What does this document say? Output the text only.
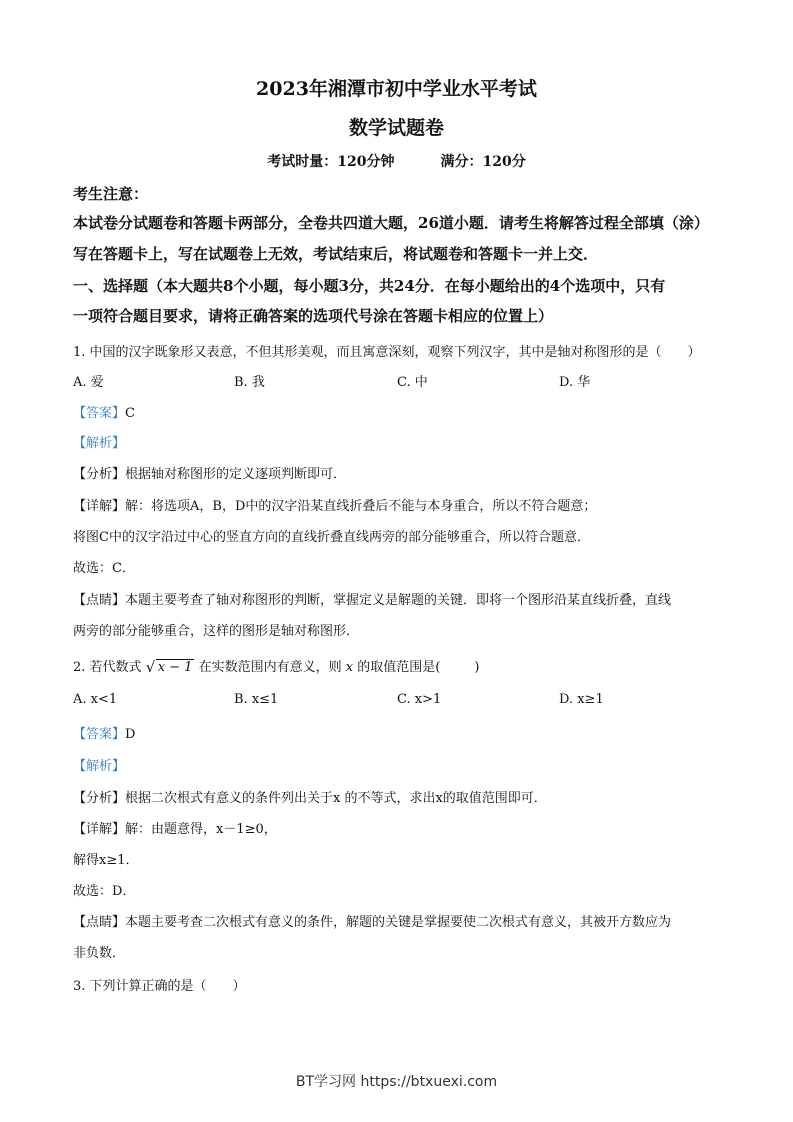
2023年湘潭市初中学业水平考试
数学试题卷
考试时量：120分钟	满分：120分
考生注意：
本试卷分试题卷和答题卡两部分，全卷共四道大题，26道小题．请考生将解答过程全部填（涂）
写在答题卡上，写在试题卷上无效，考试结束后，将试题卷和答题卡一并上交．
一、选择题（本大题共8个小题，每小题3分，共24分．在每小题给出的4个选项中，只有
一项符合题目要求，请将正确答案的选项代号涂在答题卡相应的位置上）
1. 中国的汉字既象形又表意，不但其形美观，而且寓意深刻，观察下列汉字，其中是轴对称图形的是（　　）
A. 爱	B. 我	C. 中	D. 华
【答案】C
【解析】
【分析】根据轴对称图形的定义逐项判断即可．
【详解】解：将选项A，B，D中的汉字沿某直线折叠后不能与本身重合，所以不符合题意；
将图C中的汉字沿过中心的竖直方向的直线折叠直线两旁的部分能够重合，所以符合题意．
故选：C．
【点睛】本题主要考查了轴对称图形的判断，掌握定义是解题的关键．即将一个图形沿某直线折叠，直线
两旁的部分能够重合，这样的图形是轴对称图形．
2. 若代数式 √ x − 1 在实数范围内有意义，则 x 的取值范围是(	)
A. x<1	B. x≤1	C. x>1	D. x≥1
【答案】D
【解析】
【分析】根据二次根式有意义的条件列出关于x 的不等式，求出x的取值范围即可．
【详解】解：由题意得，x－1≥0，
解得x≥1．
故选：D．
【点睛】本题主要考查二次根式有意义的条件，解题的关键是掌握要使二次根式有意义，其被开方数应为
非负数．
3. 下列计算正确的是（　　）
BT学习网 https://btxuexi.com
